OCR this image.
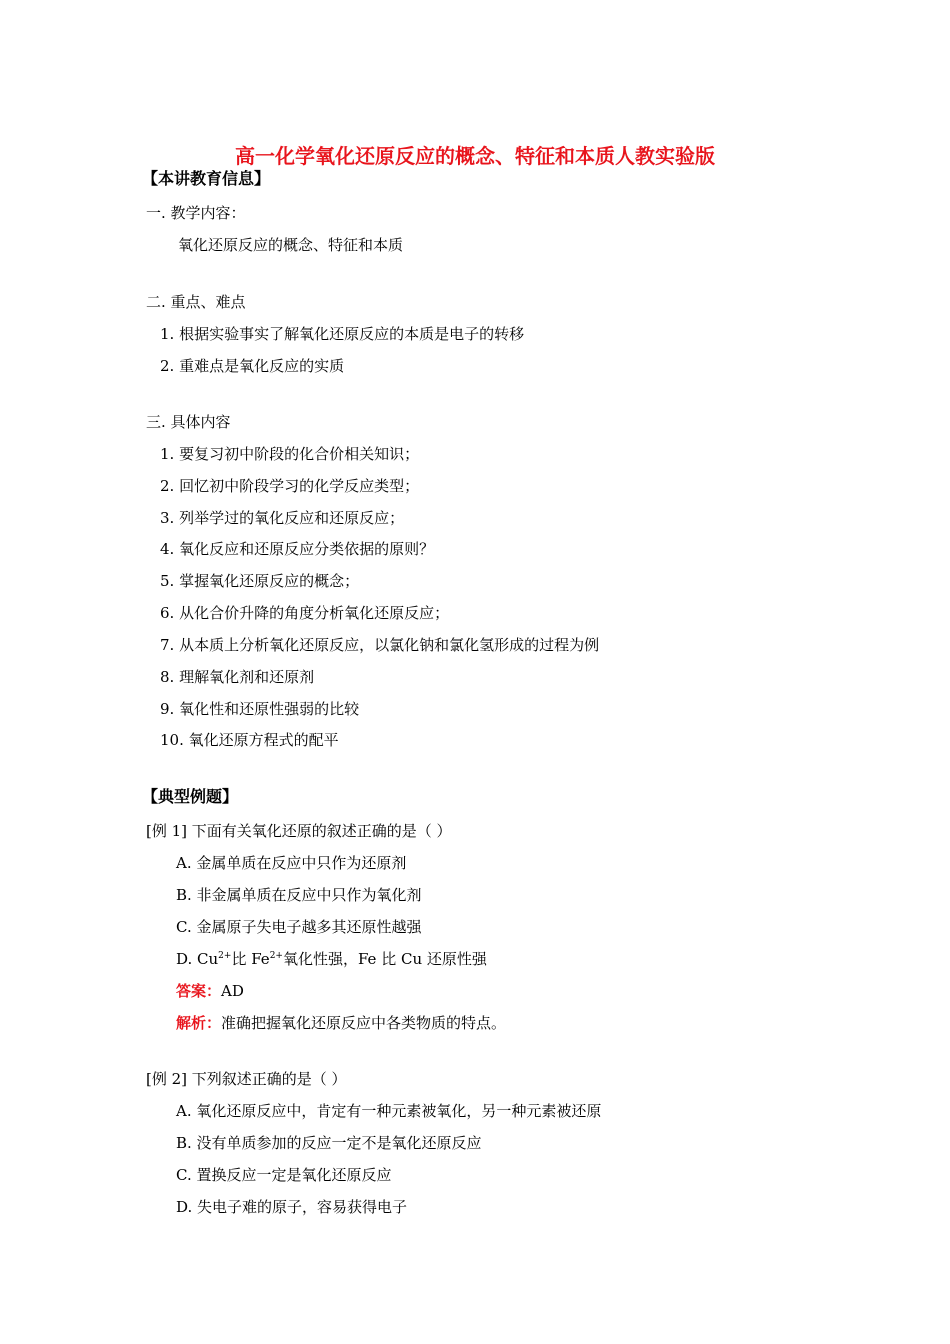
高一化学氧化还原反应的概念、特征和本质人教实验版
【本讲教育信息】
一. 教学内容：
氧化还原反应的概念、特征和本质
二. 重点、难点
1. 根据实验事实了解氧化还原反应的本质是电子的转移
2. 重难点是氧化反应的实质
三. 具体内容
1. 要复习初中阶段的化合价相关知识；
2. 回忆初中阶段学习的化学反应类型；
3. 列举学过的氧化反应和还原反应；
4. 氧化反应和还原反应分类依据的原则？
5. 掌握氧化还原反应的概念；
6. 从化合价升降的角度分析氧化还原反应；
7. 从本质上分析氧化还原反应，以氯化钠和氯化氢形成的过程为例
8. 理解氧化剂和还原剂
9. 氧化性和还原性强弱的比较
10. 氧化还原方程式的配平
【典型例题】
[例 1] 下面有关氧化还原的叙述正确的是（ ）
A. 金属单质在反应中只作为还原剂
B. 非金属单质在反应中只作为氧化剂
C. 金属原子失电子越多其还原性越强
D. $Cu^{2+}$比 $Fe^{2+}$氧化性强，Fe 比 Cu 还原性强
答案：AD
解析：准确把握氧化还原反应中各类物质的特点。
[例 2] 下列叙述正确的是（ ）
A. 氧化还原反应中，肯定有一种元素被氧化，另一种元素被还原
B. 没有单质参加的反应一定不是氧化还原反应
C. 置换反应一定是氧化还原反应
D. 失电子难的原子，容易获得电子
